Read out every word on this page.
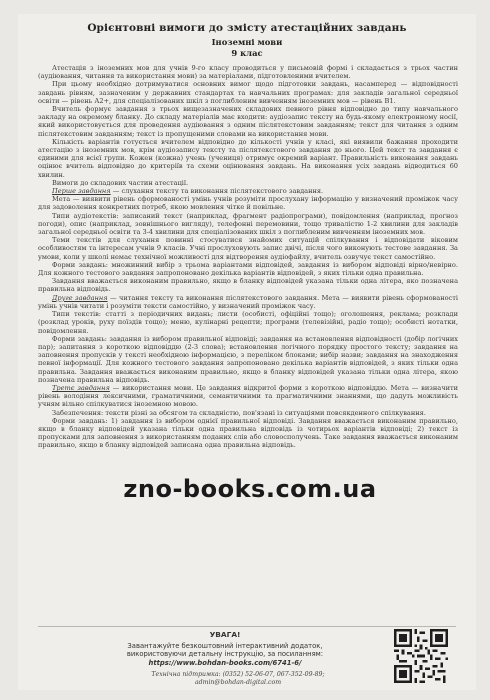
Орієнтовні вимоги до змісту атестаційних завдань
Іноземні мови
9 клас

Атестація з іноземних мов для учнів 9-го класу проводиться у письмовій формі і складається з трьох частин (аудіювання, читання та використання мови) за матеріалами, підготовленими вчителем.

При цьому необхідно дотримуватися основних вимог щодо підготовки завдань, насамперед — відповідності завдань рівням, зазначеним у державних стандартах та навчальних програмах: для закладів загальної середньої освіти — рівень А2+, для спеціалізованих шкіл з поглибленим вивченням іноземних мов — рівень В1.

Вчитель формує завдання з трьох вищезазначених складових певного рівня відповідно до типу навчального закладу на окремому бланку. До складу матеріалів має входити: аудіозапис тексту на будь-якому електронному носії, який використовується для проведення аудіювання з одним післятекстовим завданням; текст для читання з одним післятекстовим завданням; текст із пропущеними словами на використання мови.

Кількість варіантів готується вчителем відповідно до кількості учнів у класі, які виявили бажання проходити атестацію з іноземних мов, крім аудіозапису тексту та післятекстового завдання до нього. Цей текст та завдання є єдиними для всієї групи. Кожен (кожна) учень (учениця) отримує окремий варіант. Правильність виконання завдань оцінює вчитель відповідно до критеріїв та схеми оцінювання завдань. На виконання усіх завдань відводиться 60 хвилин.

Вимоги до складових частин атестації.

Перше завдання — слухання тексту та виконання післятекстового завдання.

Мета — виявити рівень сформованості умінь учнів розуміти прослухану інформацію у визначений проміжок часу для задоволення конкретних потреб, якою мовлення чітке й повільне.

Типи аудіотекстів: записаний текст (наприклад, фрагмент радіопрограми), повідомлення (наприклад, прогноз погоди), опис (наприклад, зовнішнього вигляду), телефонні перемовини, тощо тривалістю 1-2 хвилини для закладів загальної середньої освіти та 3-4 хвилини для спеціалізованих шкіл з поглибленим вивченням іноземних мов.

Теми текстів для слухання повинні стосуватися знайомих ситуацій спілкування і відповідати віковим особливостям та інтересам учнів 9 класів. Учні прослуховують запис двічі, після чого виконують тестове завдання. За умови, коли у школі немає технічної можливості для відтворення аудіофайлу, вчитель озвучує текст самостійно.

Форми завдань: множинний вибір з трьома варіантами відповідей, завдання із вибором відповіді вірно/невірно. Для кожного тестового завдання запропоновано декілька варіантів відповідей, з яких тільки одна правильна.

Завдання вважається виконаним правильно, якщо в бланку відповідей указана тільки одна літера, яко позначена правильна відповідь.

Друге завдання — читання тексту та виконання післятекстового завдання. Мета — виявити рівень сформованості умінь учнів читати і розуміти тексти самостійно, у визначений проміжок часу.

Типи текстів: статті з періодичних видань; листи (особисті, офіційні тощо); оголошення, реклама; розклади (розклад уроків, руху поїздів тощо); меню, кулінарні рецепти; програми (телевізійні, радіо тощо); особисті нотатки, повідомлення.

Форми завдань: завдання із вибором правильної відповіді; завдання на встановлення відповідності (добір логічних пар); запитання з короткою відповіддю (2-3 слова); встановлення логічного порядку простого тексту; завдання на заповнення пропусків у тексті необхідною інформацією, з переліком блоками; вибір назви; завдання на знаходження певної інформації. Для кожного тестового завдання запропоновано декілька варіантів відповідей, з яких тільки одна правильна. Завдання вважається виконаним правильно, якщо в бланку відповідей указана тільки одна літера, якою позначена правильна відповідь.

Третє завдання — використання мови. Це завдання відкритої форми з короткою відповіддю. Мета — визначити рівень володіння лексичними, граматичними, семантичними та прагматичними знаннями, що дадуть можливість учням вільно спілкуватися іноземною мовою.

Забезпечення: тексти різні за обсягом та складністю, пов'язані із ситуаціями повсякденного спілкування.

Форми завдань: 1) завдання із вибором однієї правильної відповіді. Завдання вважається виконаним правильно, якщо в бланку відповідей указана тільки одна правильна відповідь із чотирьох варіантів відповіді; 2) текст із пропусками для заповнення з використанням поданих слів або словосполучень. Таке завдання вважається виконаним правильно, якщо в бланку відповідей записана одна правильна відповідь.

zno-books.com.ua
УВАГА!
Завантажуйте безкоштовний інтерактивний додаток,
використовуючи детальну інструкцію, за посиланням:
https://www.bohdan-books.com/6741-6/
Технічна підтримка: (0352) 52-06-07, 067-352-09-89;
admin@bohdan-digital.com
